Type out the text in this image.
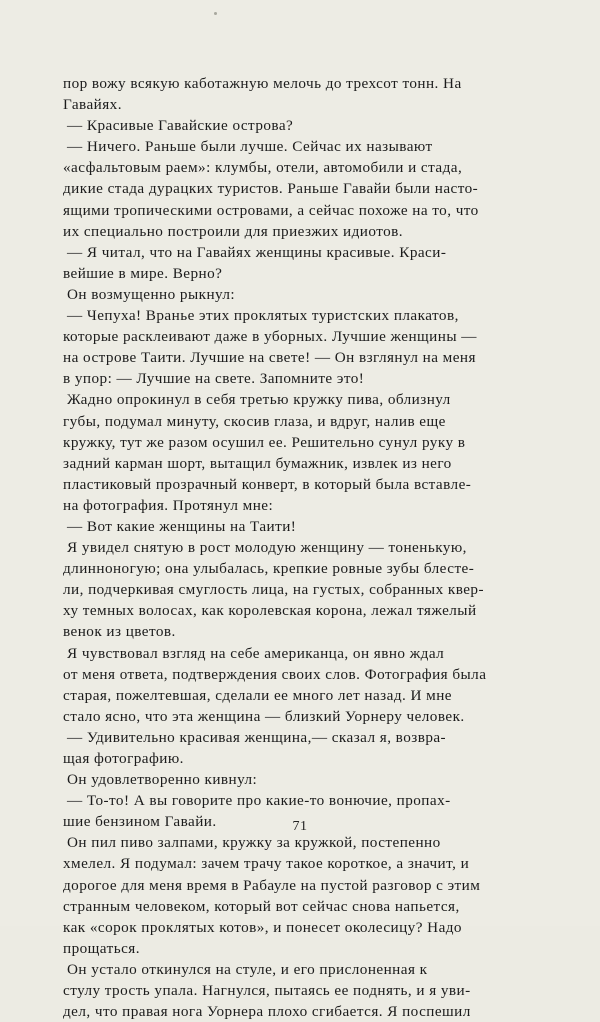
пор вожу всякую каботажную мелочь до трехсот тонн. На

Гавайях.

— Красивые Гавайские острова?

— Ничего. Раньше были лучше. Сейчас их называют

«асфальтовым раем»: клумбы, отели, автомобили и стада,

дикие стада дурацких туристов. Раньше Гавайи были насто-

ящими тропическими островами, а сейчас похоже на то, что

их специально построили для приезжих идиотов.

— Я читал, что на Гавайях женщины красивые. Краси-

вейшие в мире. Верно?

Он возмущенно рыкнул:

— Чепуха! Вранье этих проклятых туристских плакатов,

которые расклеивают даже в уборных. Лучшие женщины —

на острове Таити. Лучшие на свете! — Он взглянул на меня

в упор: — Лучшие на свете. Запомните это!

Жадно опрокинул в себя третью кружку пива, облизнул

губы, подумал минуту, скосив глаза, и вдруг, налив еще

кружку, тут же разом осушил ее. Решительно сунул руку в

задний карман шорт, вытащил бумажник, извлек из него

пластиковый прозрачный конверт, в который была вставле-

на фотография. Протянул мне:

— Вот какие женщины на Таити!

Я увидел снятую в рост молодую женщину — тоненькую,

длинноногую; она улыбалась, крепкие ровные зубы блесте-

ли, подчеркивая смуглость лица, на густых, собранных квер-

ху темных волосах, как королевская корона, лежал тяжелый

венок из цветов.

Я чувствовал взгляд на себе американца, он явно ждал

от меня ответа, подтверждения своих слов. Фотография была

старая, пожелтевшая, сделали ее много лет назад. И мне

стало ясно, что эта женщина — близкий Уорнеру человек.

— Удивительно красивая женщина,— сказал я, возвра-

щая фотографию.

Он удовлетворенно кивнул:

— То-то! А вы говорите про какие-то вонючие, пропах-

шие бензином Гавайи.

Он пил пиво залпами, кружку за кружкой, постепенно

хмелел. Я подумал: зачем трачу такое короткое, а значит, и

дорогое для меня время в Рабауле на пустой разговор с этим

странным человеком, который вот сейчас снова напьется,

как «сорок проклятых котов», и понесет околесицу? Надо

прощаться.

Он устало откинулся на стуле, и его прислоненная к

стулу трость упала. Нагнулся, пытаясь ее поднять, и я уви-

дел, что правая нога Уорнера плохо сгибается. Я поспешил

71
